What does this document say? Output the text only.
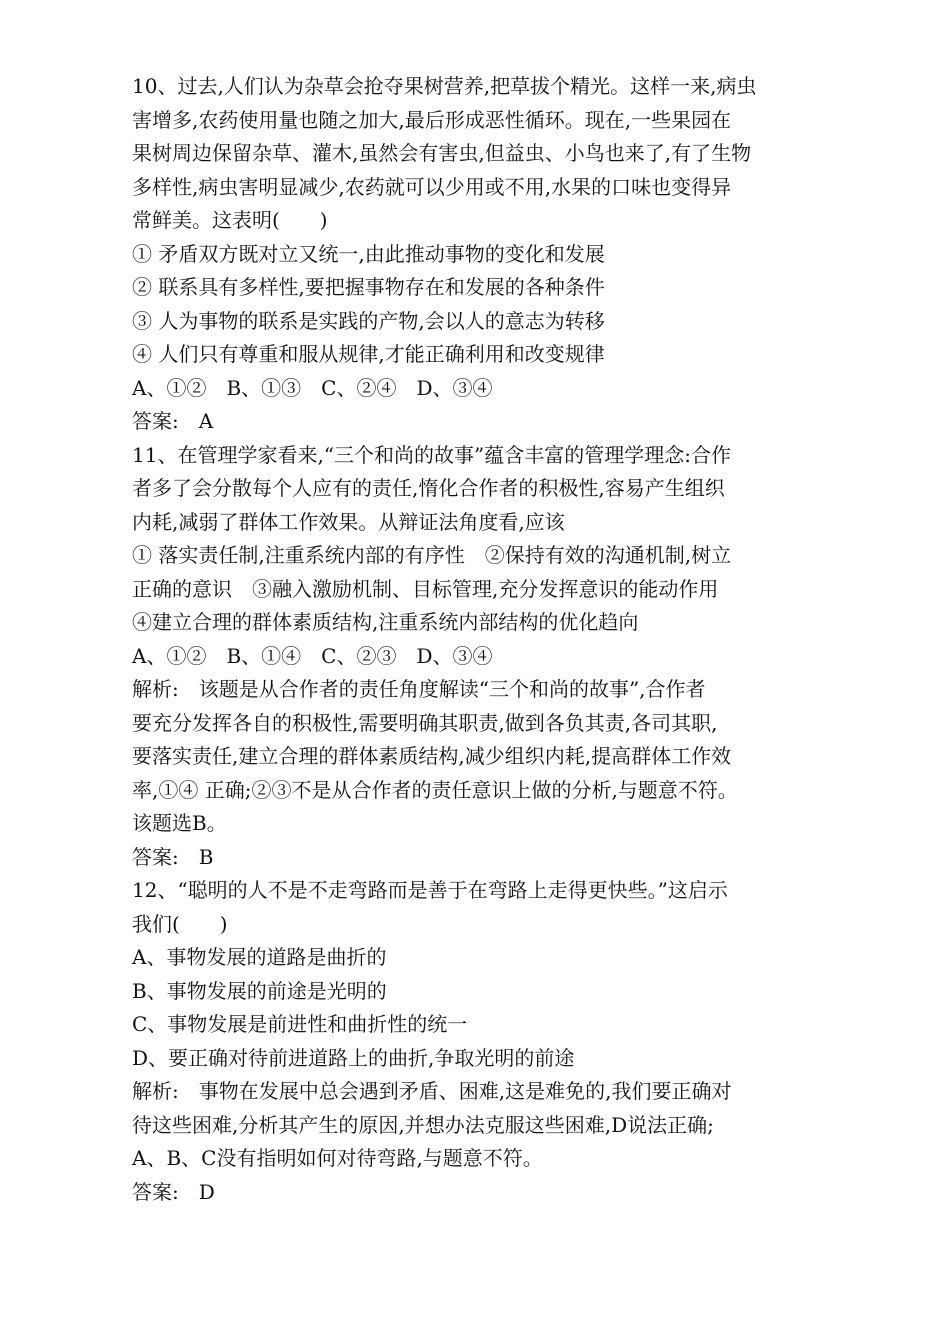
10、过去,人们认为杂草会抢夺果树营养,把草拔个精光。这样一来,病虫
害增多,农药使用量也随之加大,最后形成恶性循环。现在,一些果园在
果树周边保留杂草、灌木,虽然会有害虫,但益虫、小鸟也来了,有了生物
多样性,病虫害明显减少,农药就可以少用或不用,水果的口味也变得异
常鲜美。这表明(　　)
① 矛盾双方既对立又统一,由此推动事物的变化和发展
② 联系具有多样性,要把握事物存在和发展的各种条件
③ 人为事物的联系是实践的产物,会以人的意志为转移
④ 人们只有尊重和服从规律,才能正确利用和改变规律
A、①②　B、①③　C、②④　D、③④
答案:　A
11、在管理学家看来,“三个和尚的故事”蕴含丰富的管理学理念:合作
者多了会分散每个人应有的责任,惰化合作者的积极性,容易产生组织
内耗,减弱了群体工作效果。从辩证法角度看,应该
① 落实责任制,注重系统内部的有序性　②保持有效的沟通机制,树立
正确的意识　③融入激励机制、目标管理,充分发挥意识的能动作用
④建立合理的群体素质结构,注重系统内部结构的优化趋向
A、①②　B、①④　C、②③　D、③④
解析:　该题是从合作者的责任角度解读“三个和尚的故事”,合作者
要充分发挥各自的积极性,需要明确其职责,做到各负其责,各司其职,
要落实责任,建立合理的群体素质结构,减少组织内耗,提高群体工作效
率,①④ 正确;②③不是从合作者的责任意识上做的分析,与题意不符。
该题选B。
答案:　B
12、“聪明的人不是不走弯路而是善于在弯路上走得更快些。”这启示
我们(　　)
A、事物发展的道路是曲折的
B、事物发展的前途是光明的
C、事物发展是前进性和曲折性的统一
D、要正确对待前进道路上的曲折,争取光明的前途
解析:　事物在发展中总会遇到矛盾、困难,这是难免的,我们要正确对
待这些困难,分析其产生的原因,并想办法克服这些困难,D说法正确;
A、B、C没有指明如何对待弯路,与题意不符。
答案:　D
